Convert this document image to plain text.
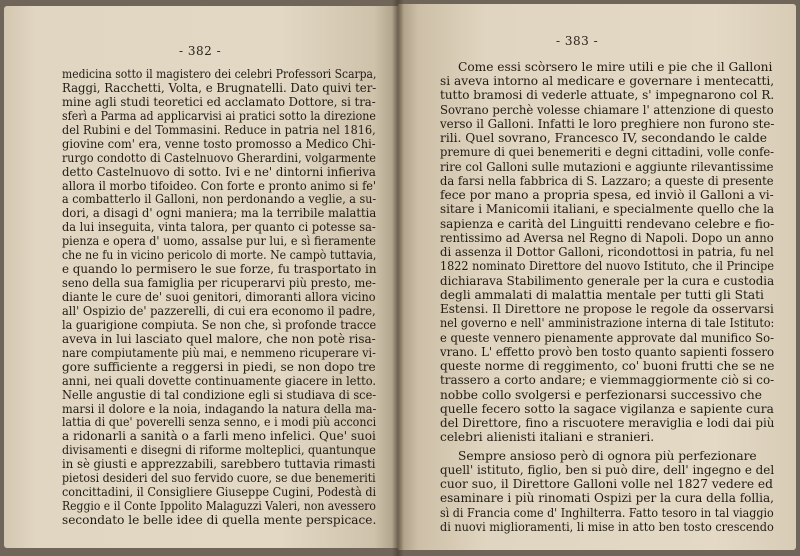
- 382 -
medicina sotto il magistero dei celebri Professori Scarpa,
Raggi, Racchetti, Volta, e Brugnatelli. Dato quivi ter-
mine agli studi teoretici ed acclamato Dottore, si tra-
sferì a Parma ad applicarvisi ai pratici sotto la direzione
del Rubini e del Tommasini. Reduce in patria nel 1816,
giovine com' era, venne tosto promosso a Medico Chi-
rurgo condotto di Castelnuovo Gherardini, volgarmente
detto Castelnuovo di sotto. Ivi e ne' dintorni infieriva
allora il morbo tifoideo. Con forte e pronto animo si fe'
a combatterlo il Galloni, non perdonando a veglie, a su-
dori, a disagi d' ogni maniera; ma la terribile malattia
da lui inseguita, vinta talora, per quanto ci potesse sa-
pienza e opera d' uomo, assalse pur lui, e sì fieramente
che ne fu in vicino pericolo di morte. Ne campò tuttavia,
e quando lo permisero le sue forze, fu trasportato in
seno della sua famiglia per ricuperarvi più presto, me-
diante le cure de' suoi genitori, dimoranti allora vicino
all' Ospizio de' pazzerelli, di cui era economo il padre,
la guarigione compiuta. Se non che, sì profonde tracce
aveva in lui lasciato quel malore, che non potè risa-
nare compiutamente più mai, e nemmeno ricuperare vi-
gore sufficiente a reggersi in piedi, se non dopo tre
anni, nei quali dovette continuamente giacere in letto.
Nelle angustie di tal condizione egli si studiava di sce-
marsi il dolore e la noia, indagando la natura della ma-
lattia di que' poverelli senza senno, e i modi più acconci
a ridonarli a sanità o a farli meno infelici. Que' suoi
divisamenti e disegni di riforme molteplici, quantunque
in sè giusti e apprezzabili, sarebbero tuttavia rimasti
pietosi desideri del suo fervido cuore, se due benemeriti
concittadini, il Consigliere Giuseppe Cugini, Podestà di
Reggio e il Conte Ippolito Malaguzzi Valeri, non avessero
secondato le belle idee di quella mente perspicace.
- 383 -
Come essi scòrsero le mire utili e pie che il Galloni
si aveva intorno al medicare e governare i mentecatti,
tutto bramosi di vederle attuate, s' impegnarono col R.
Sovrano perchè volesse chiamare l' attenzione di questo
verso il Galloni. Infatti le loro preghiere non furono ste-
rili. Quel sovrano, Francesco IV, secondando le calde
premure di quei benemeriti e degni cittadini, volle confe-
rire col Galloni sulle mutazioni e aggiunte rilevantissime
da farsi nella fabbrica di S. Lazzaro; a queste di presente
fece por mano a propria spesa, ed inviò il Galloni a vi-
sitare i Manicomii italiani, e specialmente quello che la
sapienza e carità del Linguitti rendevano celebre e fio-
rentissimo ad Aversa nel Regno di Napoli. Dopo un anno
di assenza il Dottor Galloni, ricondottosi in patria, fu nel
1822 nominato Direttore del nuovo Istituto, che il Principe
dichiarava Stabilimento generale per la cura e custodia
degli ammalati di malattia mentale per tutti gli Stati
Estensi. Il Direttore ne propose le regole da osservarsi
nel governo e nell' amministrazione interna di tale Istituto:
e queste vennero pienamente approvate dal munifico So-
vrano. L' effetto provò ben tosto quanto sapienti fossero
queste norme di reggimento, co' buoni frutti che se ne
trassero a corto andare; e viemmaggiormente ciò si co-
nobbe collo svolgersi e perfezionarsi successivo che
quelle fecero sotto la sagace vigilanza e sapiente cura
del Direttore, fino a riscuotere meraviglia e lodi dai più
celebri alienisti italiani e stranieri.
Sempre ansioso però di ognora più perfezionare
quell' istituto, figlio, ben si può dire, dell' ingegno e del
cuor suo, il Direttore Galloni volle nel 1827 vedere ed
esaminare i più rinomati Ospizi per la cura della follia,
sì di Francia come d' Inghilterra. Fatto tesoro in tal viaggio
di nuovi miglioramenti, li mise in atto ben tosto crescendo
